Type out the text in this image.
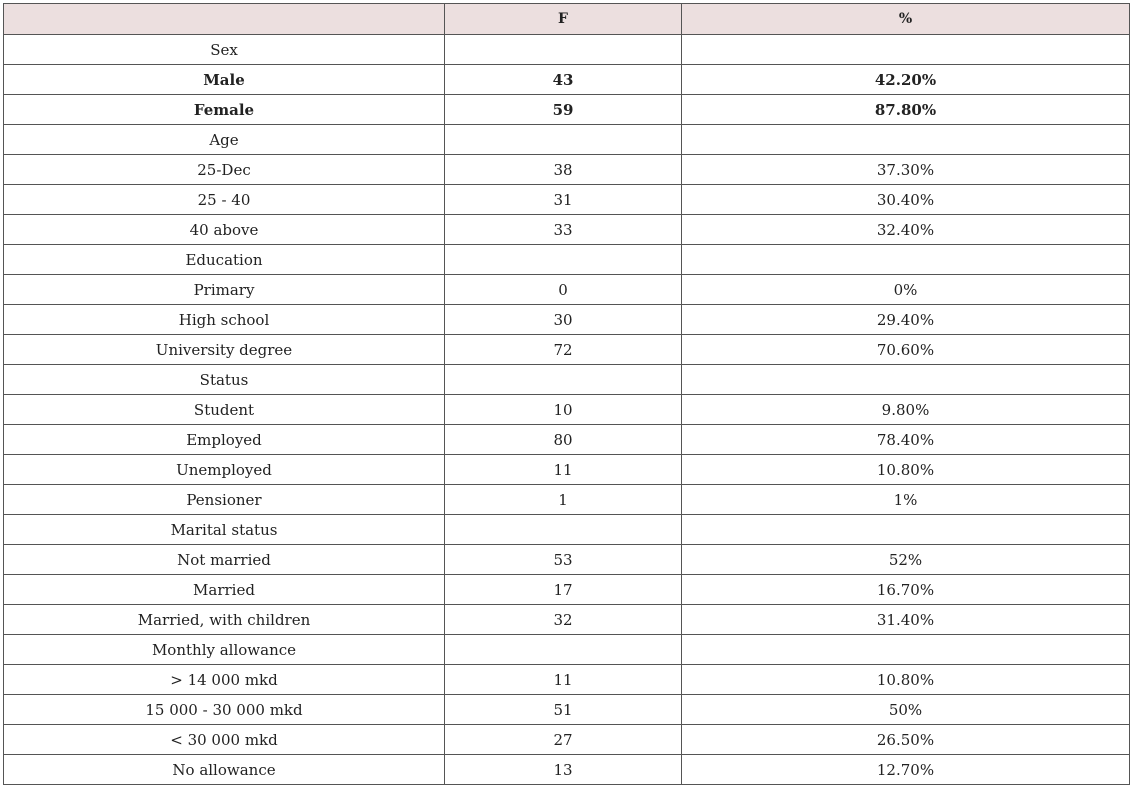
	F	%
Sex		
Male	43	42.20%
Female	59	87.80%
Age		
25-Dec	38	37.30%
25 - 40	31	30.40%
40 above	33	32.40%
Education		
Primary	0	0%
High school	30	29.40%
University degree	72	70.60%
Status		
Student	10	9.80%
Employed	80	78.40%
Unemployed	11	10.80%
Pensioner	1	1%
Marital status		
Not married	53	52%
Married	17	16.70%
Married, with children	32	31.40%
Monthly allowance		
> 14 000 mkd	11	10.80%
15 000 - 30 000 mkd	51	50%
< 30 000 mkd	27	26.50%
No allowance	13	12.70%
